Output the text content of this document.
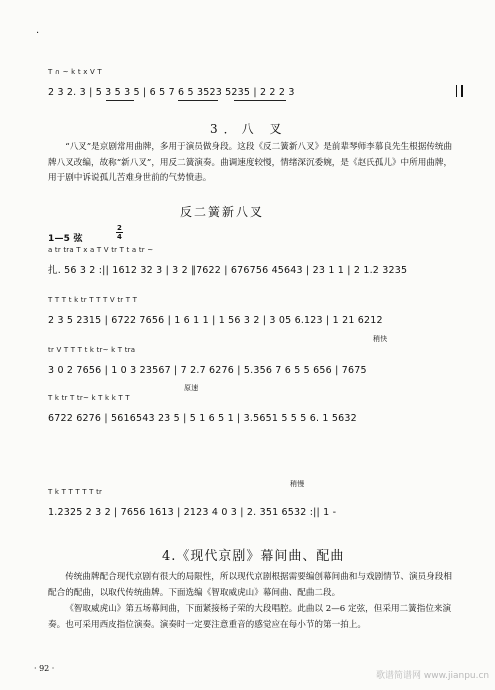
·
T ∩ ~ k t x V T
2 3 2. 3 | 5 3 5 3 5 | 6 5 7 6 5 3523 5235 | 2 2 2 3
3．八 叉
“八叉”是京剧常用曲牌，多用于演员做身段。这段《反二簧新八叉》是前辈琴师李慕良先生根据传统曲牌八叉改编，故称“新八叉”，用反二簧演奏。曲调速度较慢，情绪深沉委婉，是《赵氏孤儿》中所用曲牌，用于剧中诉说孤儿苦难身世前的气势愤恚。
反二簧新八叉
1—5 弦
2
4
a tr tra T x a T V tr T t a tr ~
扎. 56 3 2 :|| 1612 32 3 | 3 2 ‖7622 | 676756 45643 | 23 1 1 | 2 1.2 3235
T T T t k tr T T T V tr T T
2 3 5 2315 | 6722 7656 | 1 6 1 1 | 1 56 3 2 | 3 05 6.123 | 1 21 6212
稍快
tr V T T T t k tr~ k T tra
3 0 2 7656 | 1 0 3 23567 | 7 2.7 6276 | 5.356 7 6 5 5 656 | 7675
原速
T k tr T tr~ k T k k T T
6722 6276 | 5616543 23 5 | 5 1 6 5 1 | 3.5651 5 5 5 6. 1 5632
稍慢
T k T T T T T tr
1.2325 2 3 2 | 7656 1613 | 2123 4 0 3 | 2. 351 6532 :|| 1 -
4.《现代京剧》幕间曲、配曲
传统曲牌配合现代京剧有很大的局限性，所以现代京剧根据需要编创幕间曲和与戏剧情节、演员身段相配合的配曲，以取代传统曲牌。下面选编《智取威虎山》幕间曲、配曲二段。
《智取威虎山》第五场幕间曲，下面紧接杨子荣的大段唱腔。此曲以 2—6 定弦，但采用二簧指位来演奏。也可采用西皮指位演奏。演奏时一定要注意重音的感觉应在每小节的第一拍上。
· 92 ·
歌谱简谱网 www.jianpu.cn
